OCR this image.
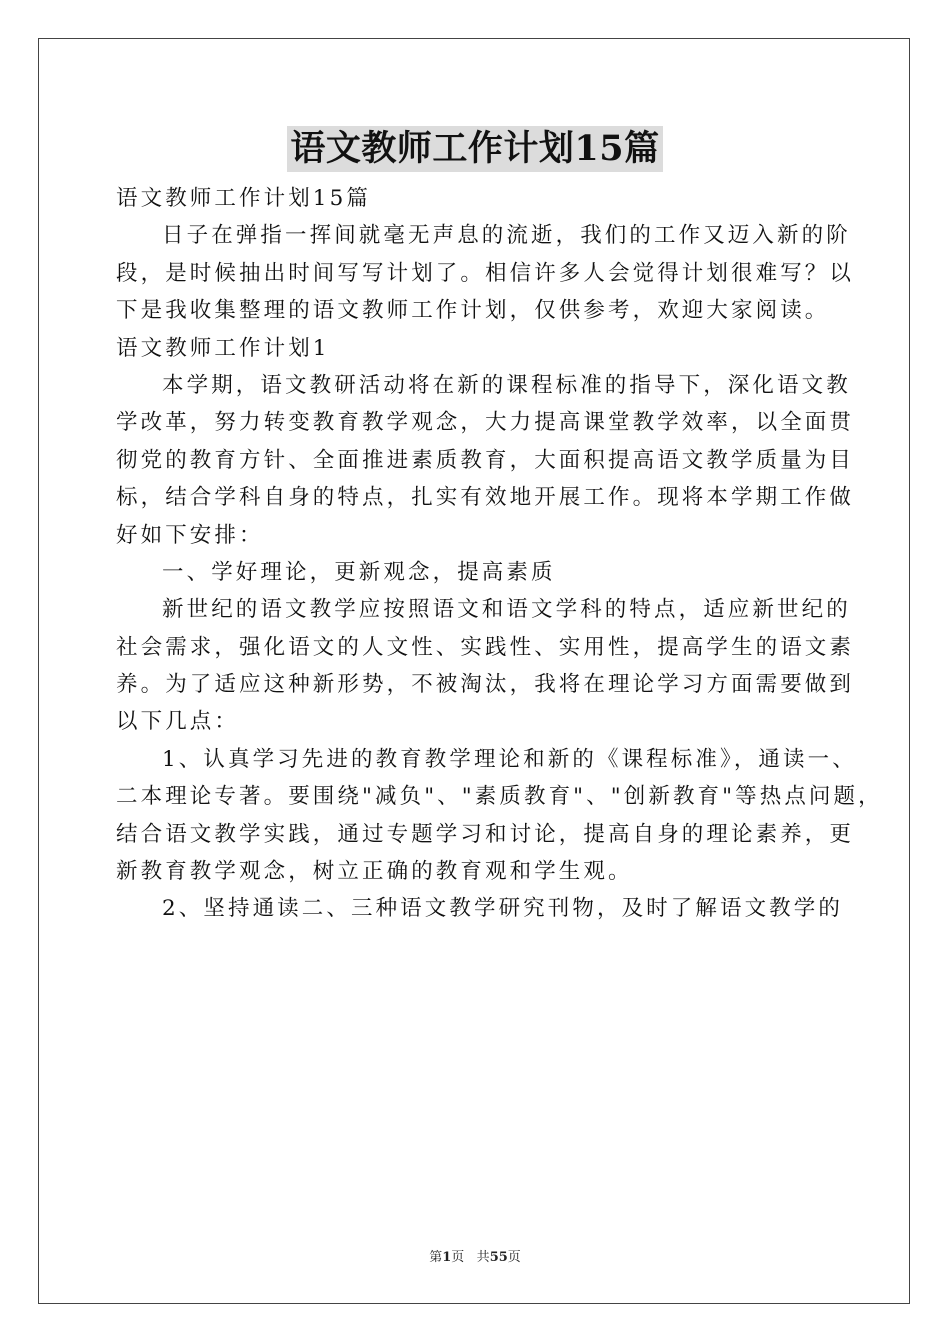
语文教师工作计划15篇
语文教师工作计划15篇
日子在弹指一挥间就毫无声息的流逝，我们的工作又迈入新的阶
段，是时候抽出时间写写计划了。相信许多人会觉得计划很难写？以
下是我收集整理的语文教师工作计划，仅供参考，欢迎大家阅读。
语文教师工作计划1
本学期，语文教研活动将在新的课程标准的指导下，深化语文教
学改革，努力转变教育教学观念，大力提高课堂教学效率，以全面贯
彻党的教育方针、全面推进素质教育，大面积提高语文教学质量为目
标，结合学科自身的特点，扎实有效地开展工作。现将本学期工作做
好如下安排：
一、学好理论，更新观念，提高素质
新世纪的语文教学应按照语文和语文学科的特点，适应新世纪的
社会需求，强化语文的人文性、实践性、实用性，提高学生的语文素
养。为了适应这种新形势，不被淘汰，我将在理论学习方面需要做到
以下几点：
1、认真学习先进的教育教学理论和新的《课程标准》，通读一、
二本理论专著。要围绕"减负"、"素质教育"、"创新教育"等热点问题，
结合语文教学实践，通过专题学习和讨论，提高自身的理论素养，更
新教育教学观念，树立正确的教育观和学生观。
2、坚持通读二、三种语文教学研究刊物，及时了解语文教学的
第1页 共55页
